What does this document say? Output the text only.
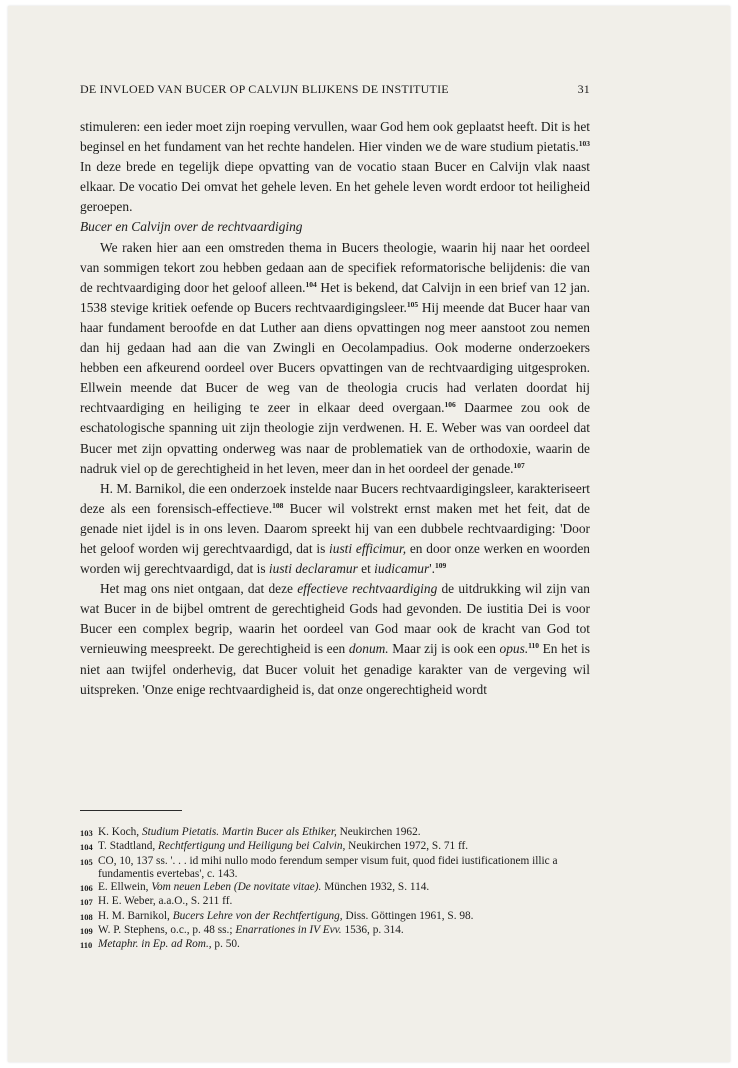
DE INVLOED VAN BUCER OP CALVIJN BLIJKENS DE INSTITUTIE	31

stimuleren: een ieder moet zijn roeping vervullen, waar God hem ook geplaatst heeft. Dit is het beginsel en het fundament van het rechte handelen. Hier vinden we de ware studium pietatis.$^{103}$ In deze brede en tegelijk diepe opvatting van de vocatio staan Bucer en Calvijn vlak naast elkaar. De vocatio Dei omvat het gehele leven. En het gehele leven wordt erdoor tot heiligheid geroepen.

Bucer en Calvijn over de rechtvaardiging

We raken hier aan een omstreden thema in Bucers theologie, waarin hij naar het oordeel van sommigen tekort zou hebben gedaan aan de specifiek reformatorische belijdenis: die van de rechtvaardiging door het geloof alleen.$^{104}$ Het is bekend, dat Calvijn in een brief van 12 jan. 1538 stevige kritiek oefende op Bucers rechtvaardigingsleer.$^{105}$ Hij meende dat Bucer haar van haar fundament beroofde en dat Luther aan diens opvattingen nog meer aanstoot zou nemen dan hij gedaan had aan die van Zwingli en Oecolampadius. Ook moderne onderzoekers hebben een afkeurend oordeel over Bucers opvattingen van de rechtvaardiging uitgesproken. Ellwein meende dat Bucer de weg van de theologia crucis had verlaten doordat hij rechtvaardiging en heiliging te zeer in elkaar deed overgaan.$^{106}$ Daarmee zou ook de eschatologische spanning uit zijn theologie zijn verdwenen. H. E. Weber was van oordeel dat Bucer met zijn opvatting onderweg was naar de problematiek van de orthodoxie, waarin de nadruk viel op de gerechtigheid in het leven, meer dan in het oordeel der genade.$^{107}$

H. M. Barnikol, die een onderzoek instelde naar Bucers rechtvaardigingsleer, karakteriseert deze als een forensisch-effectieve.$^{108}$ Bucer wil volstrekt ernst maken met het feit, dat de genade niet ijdel is in ons leven. Daarom spreekt hij van een dubbele rechtvaardiging: 'Door het geloof worden wij gerechtvaardigd, dat is iusti efficimur, en door onze werken en woorden worden wij gerechtvaardigd, dat is iusti declaramur et iudicamur'.$^{109}$

Het mag ons niet ontgaan, dat deze effectieve rechtvaardiging de uitdrukking wil zijn van wat Bucer in de bijbel omtrent de gerechtigheid Gods had gevonden. De iustitia Dei is voor Bucer een complex begrip, waarin het oordeel van God maar ook de kracht van God tot vernieuwing meespreekt. De gerechtigheid is een donum. Maar zij is ook een opus.$^{110}$ En het is niet aan twijfel onderhevig, dat Bucer voluit het genadige karakter van de vergeving wil uitspreken. 'Onze enige rechtvaardigheid is, dat onze ongerechtigheid wordt

103 K. Koch, Studium Pietatis. Martin Bucer als Ethiker, Neukirchen 1962.
104 T. Stadtland, Rechtfertigung und Heiligung bei Calvin, Neukirchen 1972, S. 71 ff.
105 CO, 10, 137 ss. '. . . id mihi nullo modo ferendum semper visum fuit, quod fidei iustificationem illic a fundamentis evertebas', c. 143.
106 E. Ellwein, Vom neuen Leben (De novitate vitae). München 1932, S. 114.
107 H. E. Weber, a.a.O., S. 211 ff.
108 H. M. Barnikol, Bucers Lehre von der Rechtfertigung, Diss. Göttingen 1961, S. 98.
109 W. P. Stephens, o.c., p. 48 ss.; Enarrationes in IV Evv. 1536, p. 314.
110 Metaphr. in Ep. ad Rom., p. 50.
